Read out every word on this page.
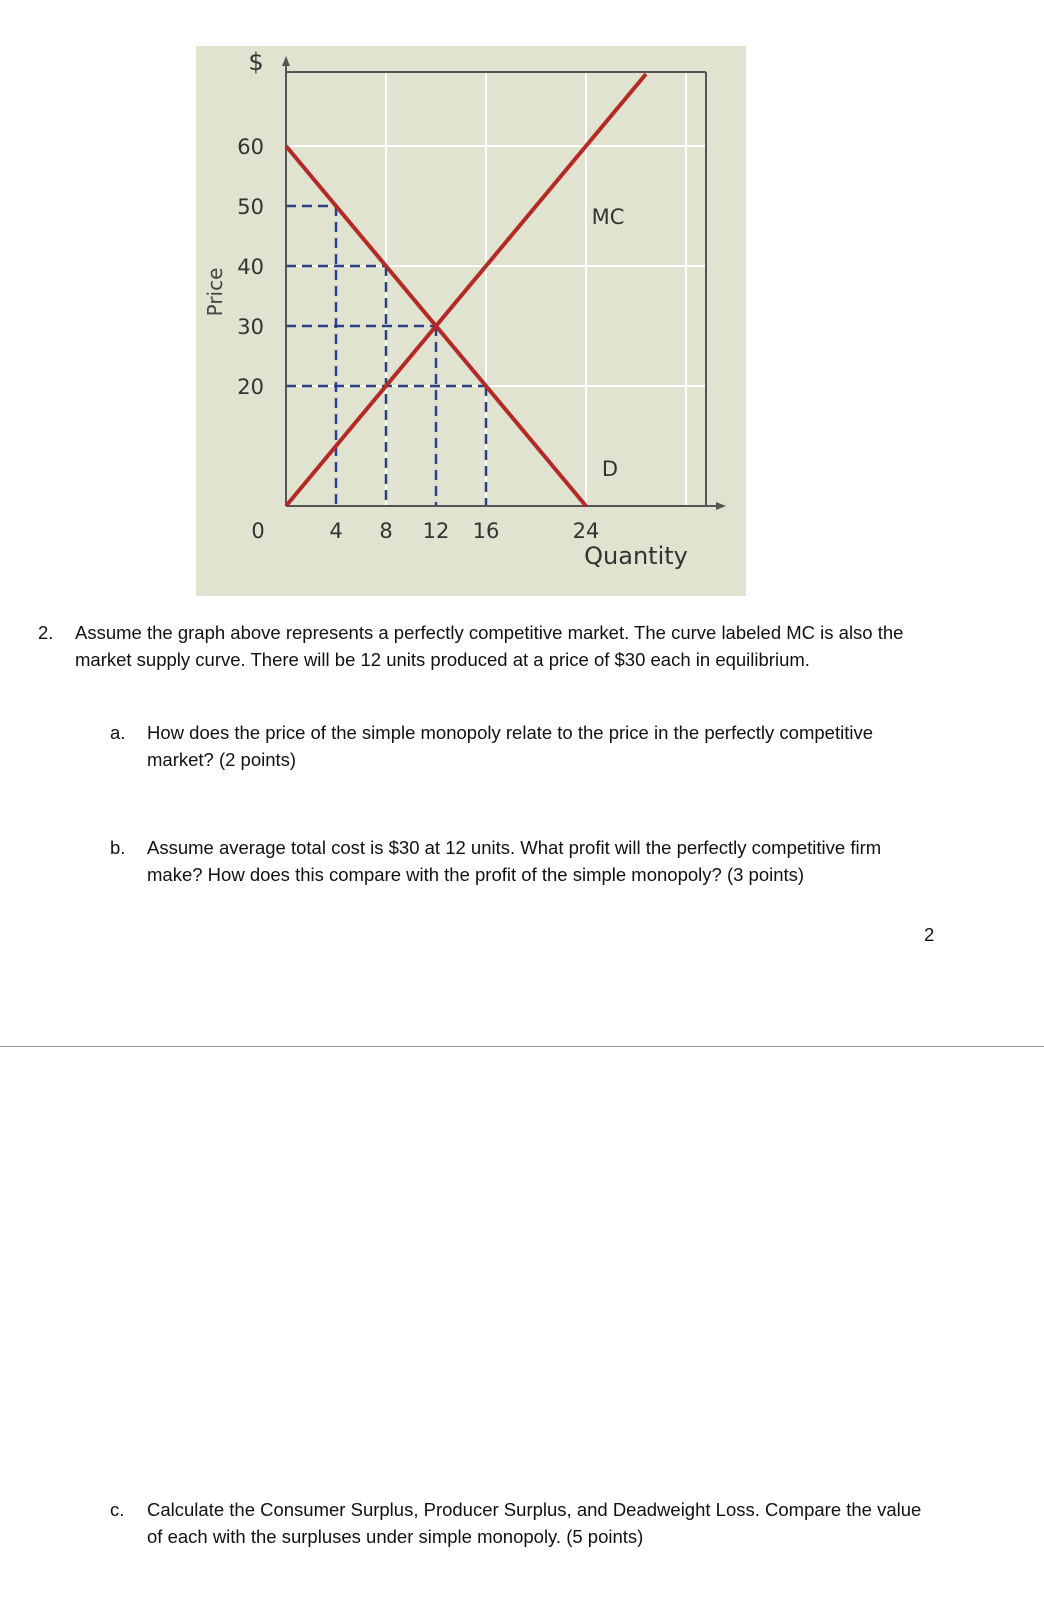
$
Price
Quantity
60
50
40
30
20
0	4 8 12 16	24
MC
D
2. Assume the graph above represents a perfectly competitive market. The curve labeled MC is also the market supply curve. There will be 12 units produced at a price of $30 each in equilibrium.
a. How does the price of the simple monopoly relate to the price in the perfectly competitive market? (2 points)
b. Assume average total cost is $30 at 12 units. What profit will the perfectly competitive firm make? How does this compare with the profit of the simple monopoly? (3 points)
2
c. Calculate the Consumer Surplus, Producer Surplus, and Deadweight Loss. Compare the value of each with the surpluses under simple monopoly. (5 points)
